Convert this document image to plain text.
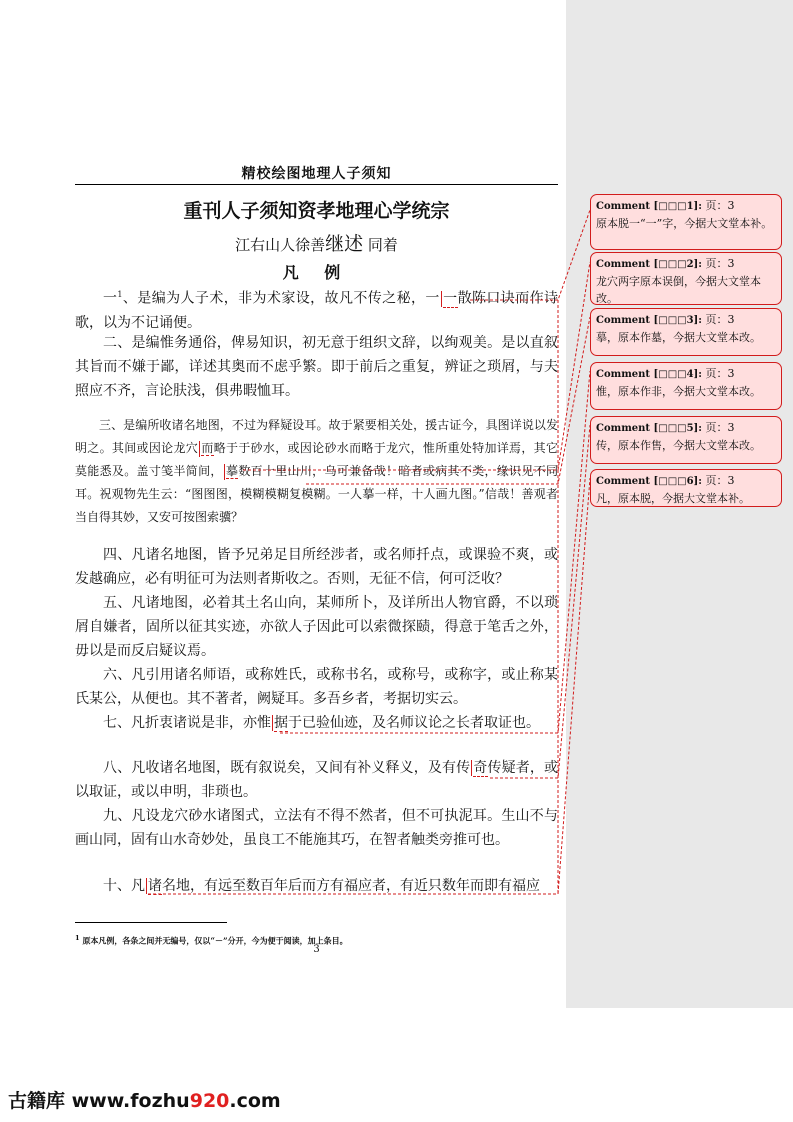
精校绘图地理人子须知
重刊人子须知资孝地理心学统宗
江右山人徐善继述 同着
凡 例

一$^1$、是编为人子术，非为术家设，故凡不传之秘，一 一散陈口诀而作诗歌，以为不记诵便。

二、是编惟务通俗，俾易知识，初无意于组织文辞，以绚观美。是以直叙其旨而不嫌于鄙，详述其奥而不虑乎繁。即于前后之重复，辨证之琐屑，与夫照应不齐，言论肤浅，俱弗暇恤耳。

三、是编所收诸名地图，不过为释疑设耳。故于紧要相关处，援古证今，具图详说以发明之。其间或因论龙穴 而略于于砂水，或因论砂水而略于龙穴，惟所重处特加详焉，其它莫能悉及。盖寸笺半简间， 摹数百十里山川，乌可兼备哉！暗者或病其不类，缘识见不同耳。祝观物先生云：“图图图，模糊模糊复模糊。一人摹一样，十人画九图。”信哉！善观者当自得其妙，又安可按图索骥？

四、凡诸名地图，皆予兄弟足目所经涉者，或名师扦点，或课验不爽，或发越确应，必有明征可为法则者斯收之。否则，无征不信，何可泛收？

五、凡诸地图，必着其土名山向，某师所卜，及详所出人物官爵，不以琐屑自嫌者，固所以征其实迹，亦欲人子因此可以索微探赜，得意于笔舌之外，毋以是而反启疑议焉。

六、凡引用诸名师语，或称姓氏，或称书名，或称号，或称字，或止称某氏某公，从便也。其不著者，阙疑耳。多吾乡者，考据切实云。

七、凡折衷诸说是非，亦惟 据于已验仙迹，及名师议论之长者取证也。

八、凡收诸名地图，既有叙说矣，又间有补义释义，及有传 奇传疑者，或以取证，或以申明，非琐也。

九、凡设龙穴砂水诸图式，立法有不得不然者，但不可执泥耳。生山不与画山同，固有山水奇妙处，虽良工不能施其巧，在智者触类旁推可也。

十、凡 诸名地，有远至数百年后而方有福应者，有近只数年而即有福应

$^1$ 原本凡例，各条之间并无编号，仅以“－”分开，今为便于阅读，加上条目。
3
Comment [□□□1]: 页：3
原本脱一“一”字，今据大文堂本补。
Comment [□□□2]: 页：3
龙穴两字原本误倒，今据大文堂本改。
Comment [□□□3]: 页：3
摹，原本作墓，今据大文堂本改。
Comment [□□□4]: 页：3
惟，原本作非，今据大文堂本改。
Comment [□□□5]: 页：3
传，原本作售，今据大文堂本改。
Comment [□□□6]: 页：3
凡，原本脱，今据大文堂本补。
古籍库 www.fozhu920.com
